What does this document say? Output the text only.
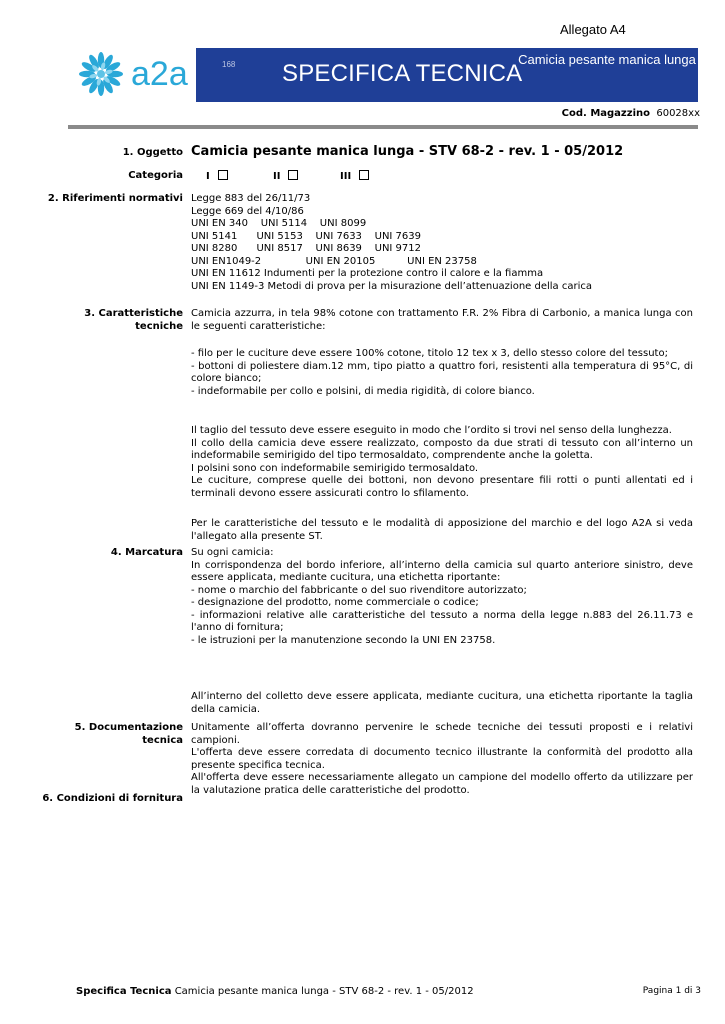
Allegato A4
a2a	168 SPECIFICA TECNICA
Camicia pesante manica lunga
Cod. Magazzino 60028xx
1. Oggetto Camicia pesante manica lunga - STV 68-2 - rev. 1 - 05/2012
Categoria I	II	III
2. Riferimenti normativi Legge 883 del 26/11/73
Legge 669 del 4/10/86
UNI EN 340    UNI 5114    UNI 8099
UNI 5141      UNI 5153    UNI 7633    UNI 7639
UNI 8280      UNI 8517    UNI 8639    UNI 9712
UNI EN1049-2              UNI EN 20105          UNI EN 23758
UNI EN 11612 Indumenti per la protezione contro il calore e la fiamma
UNI EN 1149-3 Metodi di prova per la misurazione dell’attenuazione della carica
3. Caratteristiche tecniche
Camicia azzurra, in tela 98% cotone con trattamento F.R. 2% Fibra di Carbonio, a manica lunga con le seguenti caratteristiche:
- filo per le cuciture deve essere 100% cotone, titolo 12 tex x 3, dello stesso colore del tessuto;
- bottoni di poliestere diam.12 mm, tipo piatto a quattro fori, resistenti alla temperatura di 95°C, di colore bianco;
- indeformabile per collo e polsini, di media rigidità, di colore bianco.
Il taglio del tessuto deve essere eseguito in modo che l’ordito si trovi nel senso della lunghezza.
Il collo della camicia deve essere realizzato, composto da due strati di tessuto con all’interno un indeformabile semirigido del tipo termosaldato, comprendente anche la goletta.
I polsini sono con indeformabile semirigido termosaldato.
Le cuciture, comprese quelle dei bottoni, non devono presentare fili rotti o punti allentati ed i terminali devono essere assicurati contro lo sfilamento.
Per le caratteristiche del tessuto e le modalità di apposizione del marchio e del logo A2A si veda l'allegato alla presente ST.
4. Marcatura Su ogni camicia:
In corrispondenza del bordo inferiore, all’interno della camicia sul quarto anteriore sinistro, deve essere applicata, mediante cucitura, una etichetta riportante:
- nome o marchio del fabbricante o del suo rivenditore autorizzato;
- designazione del prodotto, nome commerciale o codice;
- informazioni relative alle caratteristiche del tessuto a norma della legge n.883 del 26.11.73 e l'anno di fornitura;
- le istruzioni per la manutenzione secondo la UNI EN 23758.
All’interno del colletto deve essere applicata, mediante cucitura, una etichetta riportante la taglia della camicia.
5. Documentazione tecnica
Unitamente all’offerta dovranno pervenire le schede tecniche dei tessuti proposti e i relativi campioni.
L'offerta deve essere corredata di documento tecnico illustrante la conformità del prodotto alla presente specifica tecnica.
All'offerta deve essere necessariamente allegato un campione del modello offerto da utilizzare per la valutazione pratica delle caratteristiche del prodotto.
6. Condizioni di fornitura
Specifica Tecnica Camicia pesante manica lunga - STV 68-2 - rev. 1 - 05/2012	Pagina 1 di 3
